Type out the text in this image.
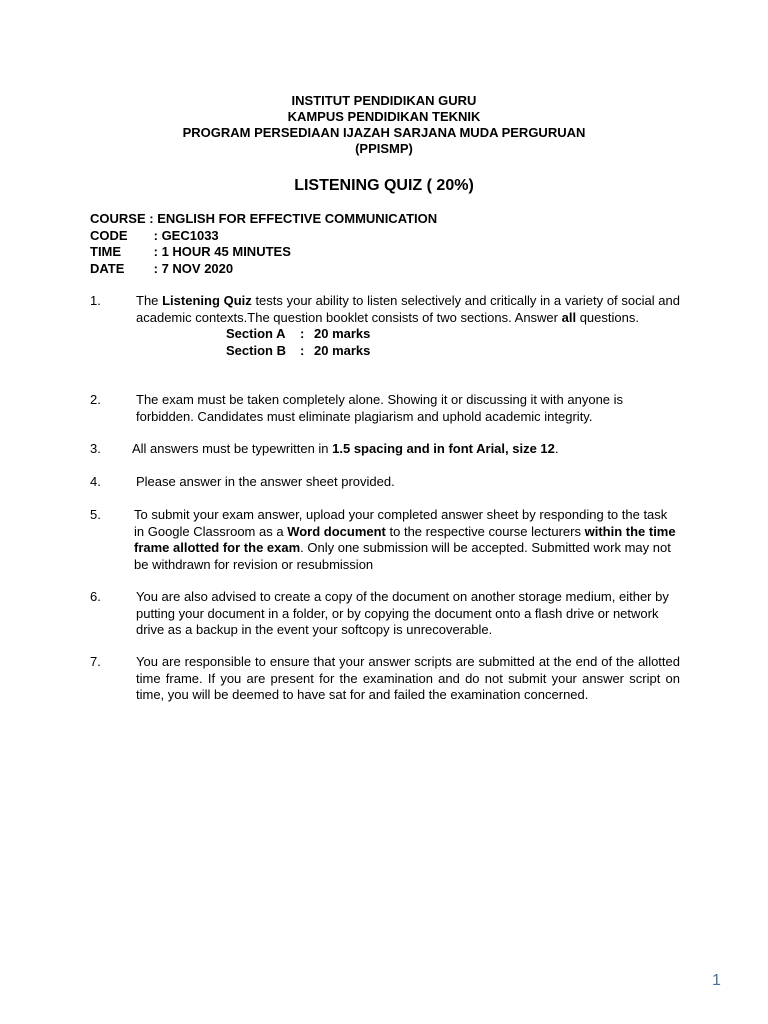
INSTITUT PENDIDIKAN GURU
KAMPUS PENDIDIKAN TEKNIK
PROGRAM PERSEDIAAN IJAZAH SARJANA MUDA PERGURUAN
(PPISMP)
LISTENING QUIZ ( 20%)
COURSE : ENGLISH FOR EFFECTIVE COMMUNICATION
CODE : GEC1033
TIME	: 1 HOUR 45 MINUTES
DATE : 7 NOV 2020
1.	The Listening Quiz tests your ability to listen selectively and critically in a variety of social and academic contexts.The question booklet consists of two sections. Answer all questions.
Section A : 20 marks
Section B : 20 marks
2.	The exam must be taken completely alone. Showing it or discussing it with anyone is forbidden. Candidates must eliminate plagiarism and uphold academic integrity.
3. All answers must be typewritten in 1.5 spacing and in font Arial, size 12.
4.	Please answer in the answer sheet provided.
5.	To submit your exam answer, upload your completed answer sheet by responding to the task in Google Classroom as a Word document to the respective course lecturers within the time frame allotted for the exam. Only one submission will be accepted. Submitted work may not be withdrawn for revision or resubmission
6.	You are also advised to create a copy of the document on another storage medium, either by putting your document in a folder, or by copying the document onto a flash drive or network drive as a backup in the event your softcopy is unrecoverable.
7.	You are responsible to ensure that your answer scripts are submitted at the end of the allotted time frame. If you are present for the examination and do not submit your answer script on time, you will be deemed to have sat for and failed the examination concerned.
1
